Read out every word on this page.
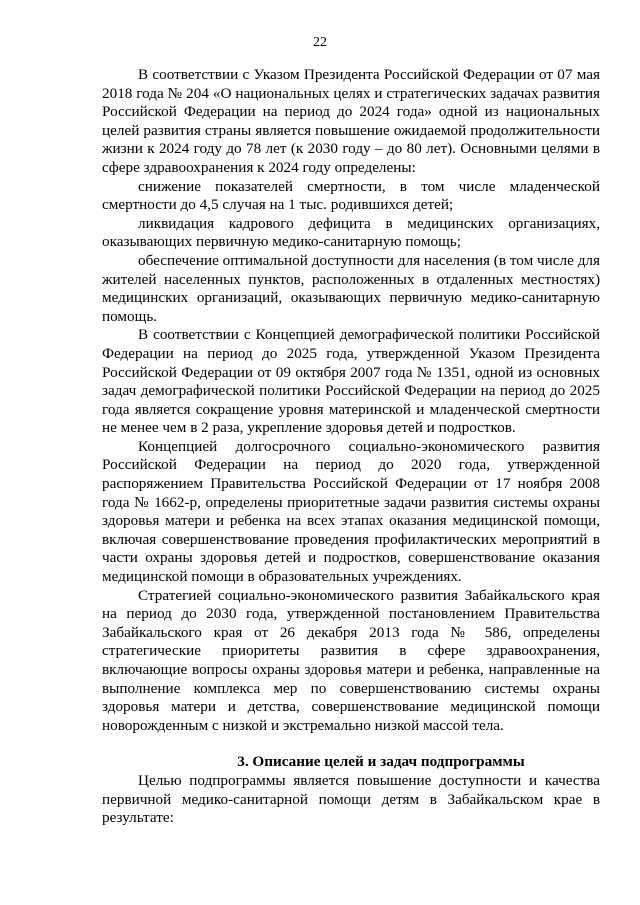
22

В соответствии с Указом Президента Российской Федерации от 07 мая 2018 года № 204 «О национальных целях и стратегических задачах развития Российской Федерации на период до 2024 года» одной из национальных целей развития страны является повышение ожидаемой продолжительности жизни к 2024 году до 78 лет (к 2030 году – до 80 лет). Основными целями в сфере здравоохранения к 2024 году определены:

снижение показателей смертности, в том числе младенческой смертности до 4,5 случая на 1 тыс. родившихся детей;

ликвидация кадрового дефицита в медицинских организациях, оказывающих первичную медико-санитарную помощь;

обеспечение оптимальной доступности для населения (в том числе для жителей населенных пунктов, расположенных в отдаленных местностях) медицинских организаций, оказывающих первичную медико-санитарную помощь.

В соответствии с Концепцией демографической политики Российской Федерации на период до 2025 года, утвержденной Указом Президента Российской Федерации от 09 октября 2007 года № 1351, одной из основных задач демографической политики Российской Федерации на период до 2025 года является сокращение уровня материнской и младенческой смертности не менее чем в 2 раза, укрепление здоровья детей и подростков.

Концепцией долгосрочного социально-экономического развития Российской Федерации на период до 2020 года, утвержденной распоряжением Правительства Российской Федерации от 17 ноября 2008 года № 1662-р, определены приоритетные задачи развития системы охраны здоровья матери и ребенка на всех этапах оказания медицинской помощи, включая совершенствование проведения профилактических мероприятий в части охраны здоровья детей и подростков, совершенствование оказания медицинской помощи в образовательных учреждениях.

Стратегией социально-экономического развития Забайкальского края на период до 2030 года, утвержденной постановлением Правительства Забайкальского края от 26 декабря 2013 года № 586, определены стратегические приоритеты развития в сфере здравоохранения, включающие вопросы охраны здоровья матери и ребенка, направленные на выполнение комплекса мер по совершенствованию системы охраны здоровья матери и детства, совершенствование медицинской помощи новорожденным с низкой и экстремально низкой массой тела.

3. Описание целей и задач подпрограммы

Целью подпрограммы является повышение доступности и качества первичной медико-санитарной помощи детям в Забайкальском крае в результате:
